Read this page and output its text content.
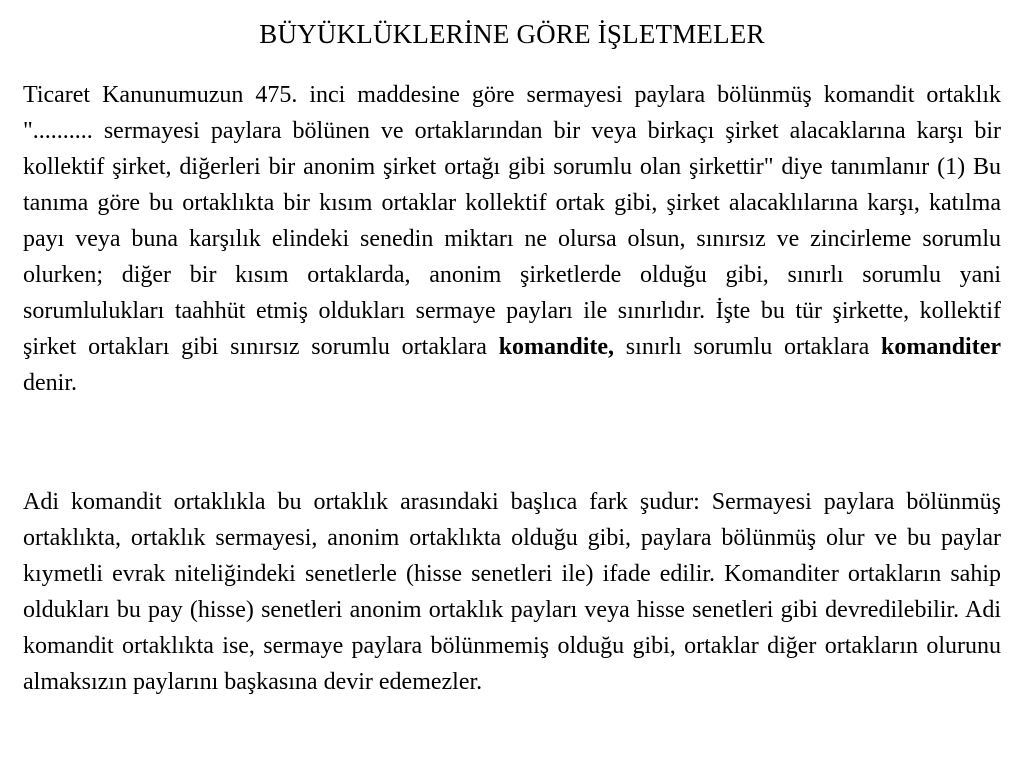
BÜYÜKLÜKLERİNE GÖRE İŞLETMELER

Ticaret Kanunumuzun 475. inci maddesine göre sermayesi paylara bölünmüş komandit ortaklık ".......... sermayesi paylara bölünen ve ortaklarından bir veya birkaçı şirket alacaklarına karşı bir kollektif şirket, diğerleri bir anonim şirket ortağı gibi sorumlu olan şirkettir" diye tanımlanır (1) Bu tanıma göre bu ortaklıkta bir kısım ortaklar kollektif ortak gibi, şirket alacaklılarına karşı, katılma payı veya buna karşılık elindeki senedin miktarı ne olursa olsun, sınırsız ve zincirleme sorumlu olurken; diğer bir kısım ortaklarda, anonim şirketlerde olduğu gibi, sınırlı sorumlu yani sorumlulukları taahhüt etmiş oldukları sermaye payları ile sınırlıdır. İşte bu tür şirkette, kollektif şirket ortakları gibi sınırsız sorumlu ortaklara komandite, sınırlı sorumlu ortaklara komanditer denir.

Adi komandit ortaklıkla bu ortaklık arasındaki başlıca fark şudur: Sermayesi paylara bölünmüş ortaklıkta, ortaklık sermayesi, anonim ortaklıkta olduğu gibi, paylara bölünmüş olur ve bu paylar kıymetli evrak niteliğindeki senetlerle (hisse senetleri ile) ifade edilir. Komanditer ortakların sahip oldukları bu pay (hisse) senetleri anonim ortaklık payları veya hisse senetleri gibi devredilebilir. Adi komandit ortaklıkta ise, sermaye paylara bölünmemiş olduğu gibi, ortaklar diğer ortakların olurunu almaksızın paylarını başkasına devir edemezler.
